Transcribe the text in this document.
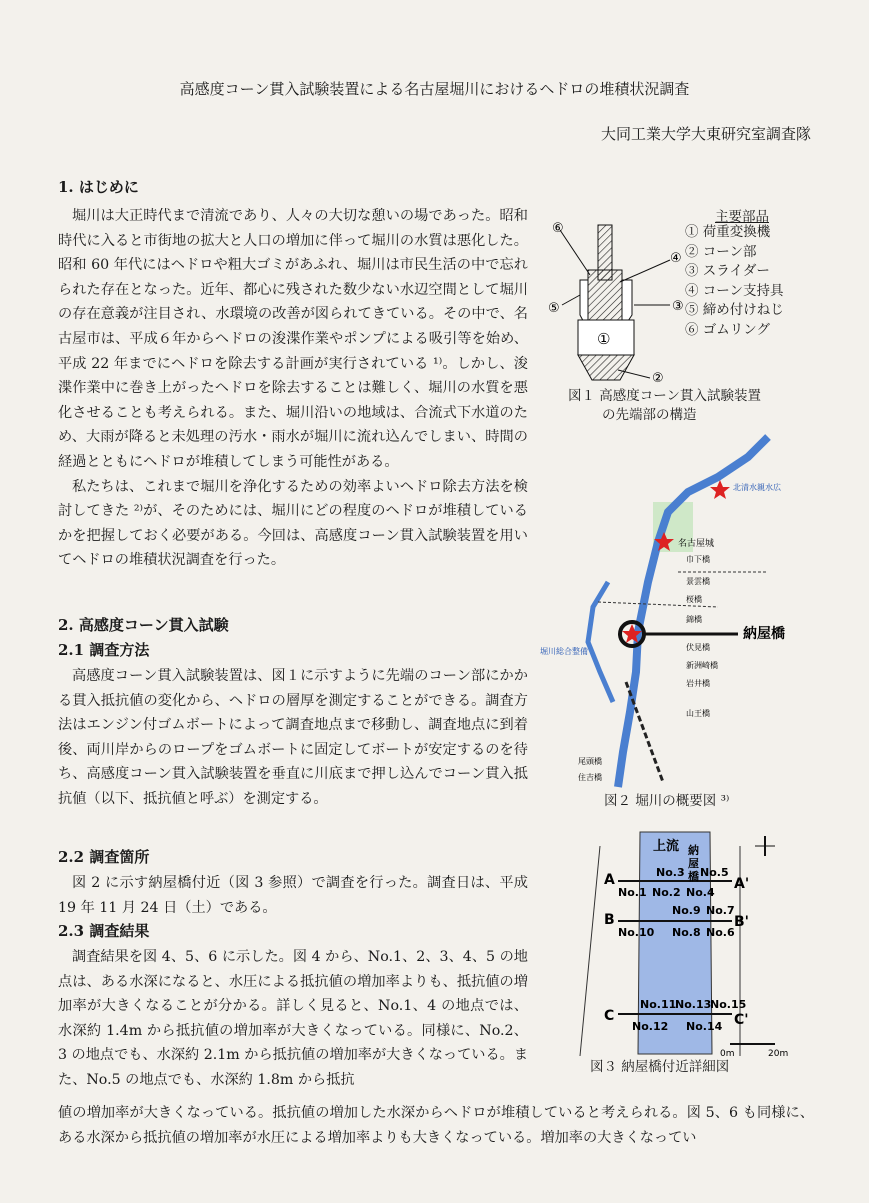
高感度コーン貫入試験装置による名古屋堀川におけるヘドロの堆積状況調査
大同工業大学大東研究室調査隊
1. はじめに

堀川は大正時代まで清流であり、人々の大切な憩いの場であった。昭和時代に入ると市街地の拡大と人口の増加に伴って堀川の水質は悪化した。昭和 60 年代にはヘドロや粗大ゴミがあふれ、堀川は市民生活の中で忘れられた存在となった。近年、都心に残された数少ない水辺空間として堀川の存在意義が注目され、水環境の改善が図られてきている。その中で、名古屋市は、平成６年からヘドロの浚渫作業やポンプによる吸引等を始め、平成 22 年までにヘドロを除去する計画が実行されている ¹⁾。しかし、浚渫作業中に巻き上がったヘドロを除去することは難しく、堀川の水質を悪化させることも考えられる。また、堀川沿いの地域は、合流式下水道のため、大雨が降ると未処理の汚水・雨水が堀川に流れ込んでしまい、時間の経過とともにヘドロが堆積してしまう可能性がある。

私たちは、これまで堀川を浄化するための効率よいヘドロ除去方法を検討してきた ²⁾が、そのためには、堀川にどの程度のヘドロが堆積しているかを把握しておく必要がある。今回は、高感度コーン貫入試験装置を用いてヘドロの堆積状況調査を行った。

2. 高感度コーン貫入試験
2.1 調査方法

高感度コーン貫入試験装置は、図１に示すように先端のコーン部にかかる貫入抵抗値の変化から、ヘドロの層厚を測定することができる。調査方法はエンジン付ゴムボートによって調査地点まで移動し、調査地点に到着後、両川岸からのロープをゴムボートに固定してボートが安定するのを待ち、高感度コーン貫入試験装置を垂直に川底まで押し込んでコーン貫入抵抗値（以下、抵抗値と呼ぶ）を測定する。

2.2 調査箇所

図 2 に示す納屋橋付近（図 3 参照）で調査を行った。調査日は、平成 19 年 11 月 24 日（土）である。

2.3 調査結果

調査結果を図 4、5、6 に示した。図 4 から、No.1、2、3、4、5 の地点は、ある水深になると、水圧による抵抗値の増加率よりも、抵抗値の増加率が大きくなることが分かる。詳しく見ると、No.1、4 の地点では、水深約 1.4m から抵抗値の増加率が大きくなっている。同様に、No.2、3 の地点でも、水深約 2.1m から抵抗値の増加率が大きくなっている。また、No.5 の地点でも、水深約 1.8m から抵抗

値の増加率が大きくなっている。抵抗値の増加した水深からヘドロが堆積していると考えられる。図 5、6 も同様に、ある水深から抵抗値の増加率が水圧による増加率よりも大きくなっている。増加率の大きくなってい

⑥
④
⑤	③
①
②
主要部品
① 荷重変換機
② コーン部
③ スライダー
④ コーン支持具
⑤ 締め付けねじ
⑥ ゴムリング
図１ 高感度コーン貫入試験装置
の先端部の構造
納屋橋
名古屋城
北清水親水広
堀川総合整備
巾下橋
景雲橋
桜橋
錦橋
伏見橋
新洲崎橋
岩井橋
山王橋
尾頭橋
住吉橋
図２ 堀川の概要図 ³⁾
上流 納
屋
橋
A	A'
B	B'
C	C'
No.3 No.5
No.9 No.7
No.11
No.13
No.15
No.1 No.2 No.4
No.10 No.8 No.6
No.12 No.14
0m	20m
図３ 納屋橋付近詳細図
